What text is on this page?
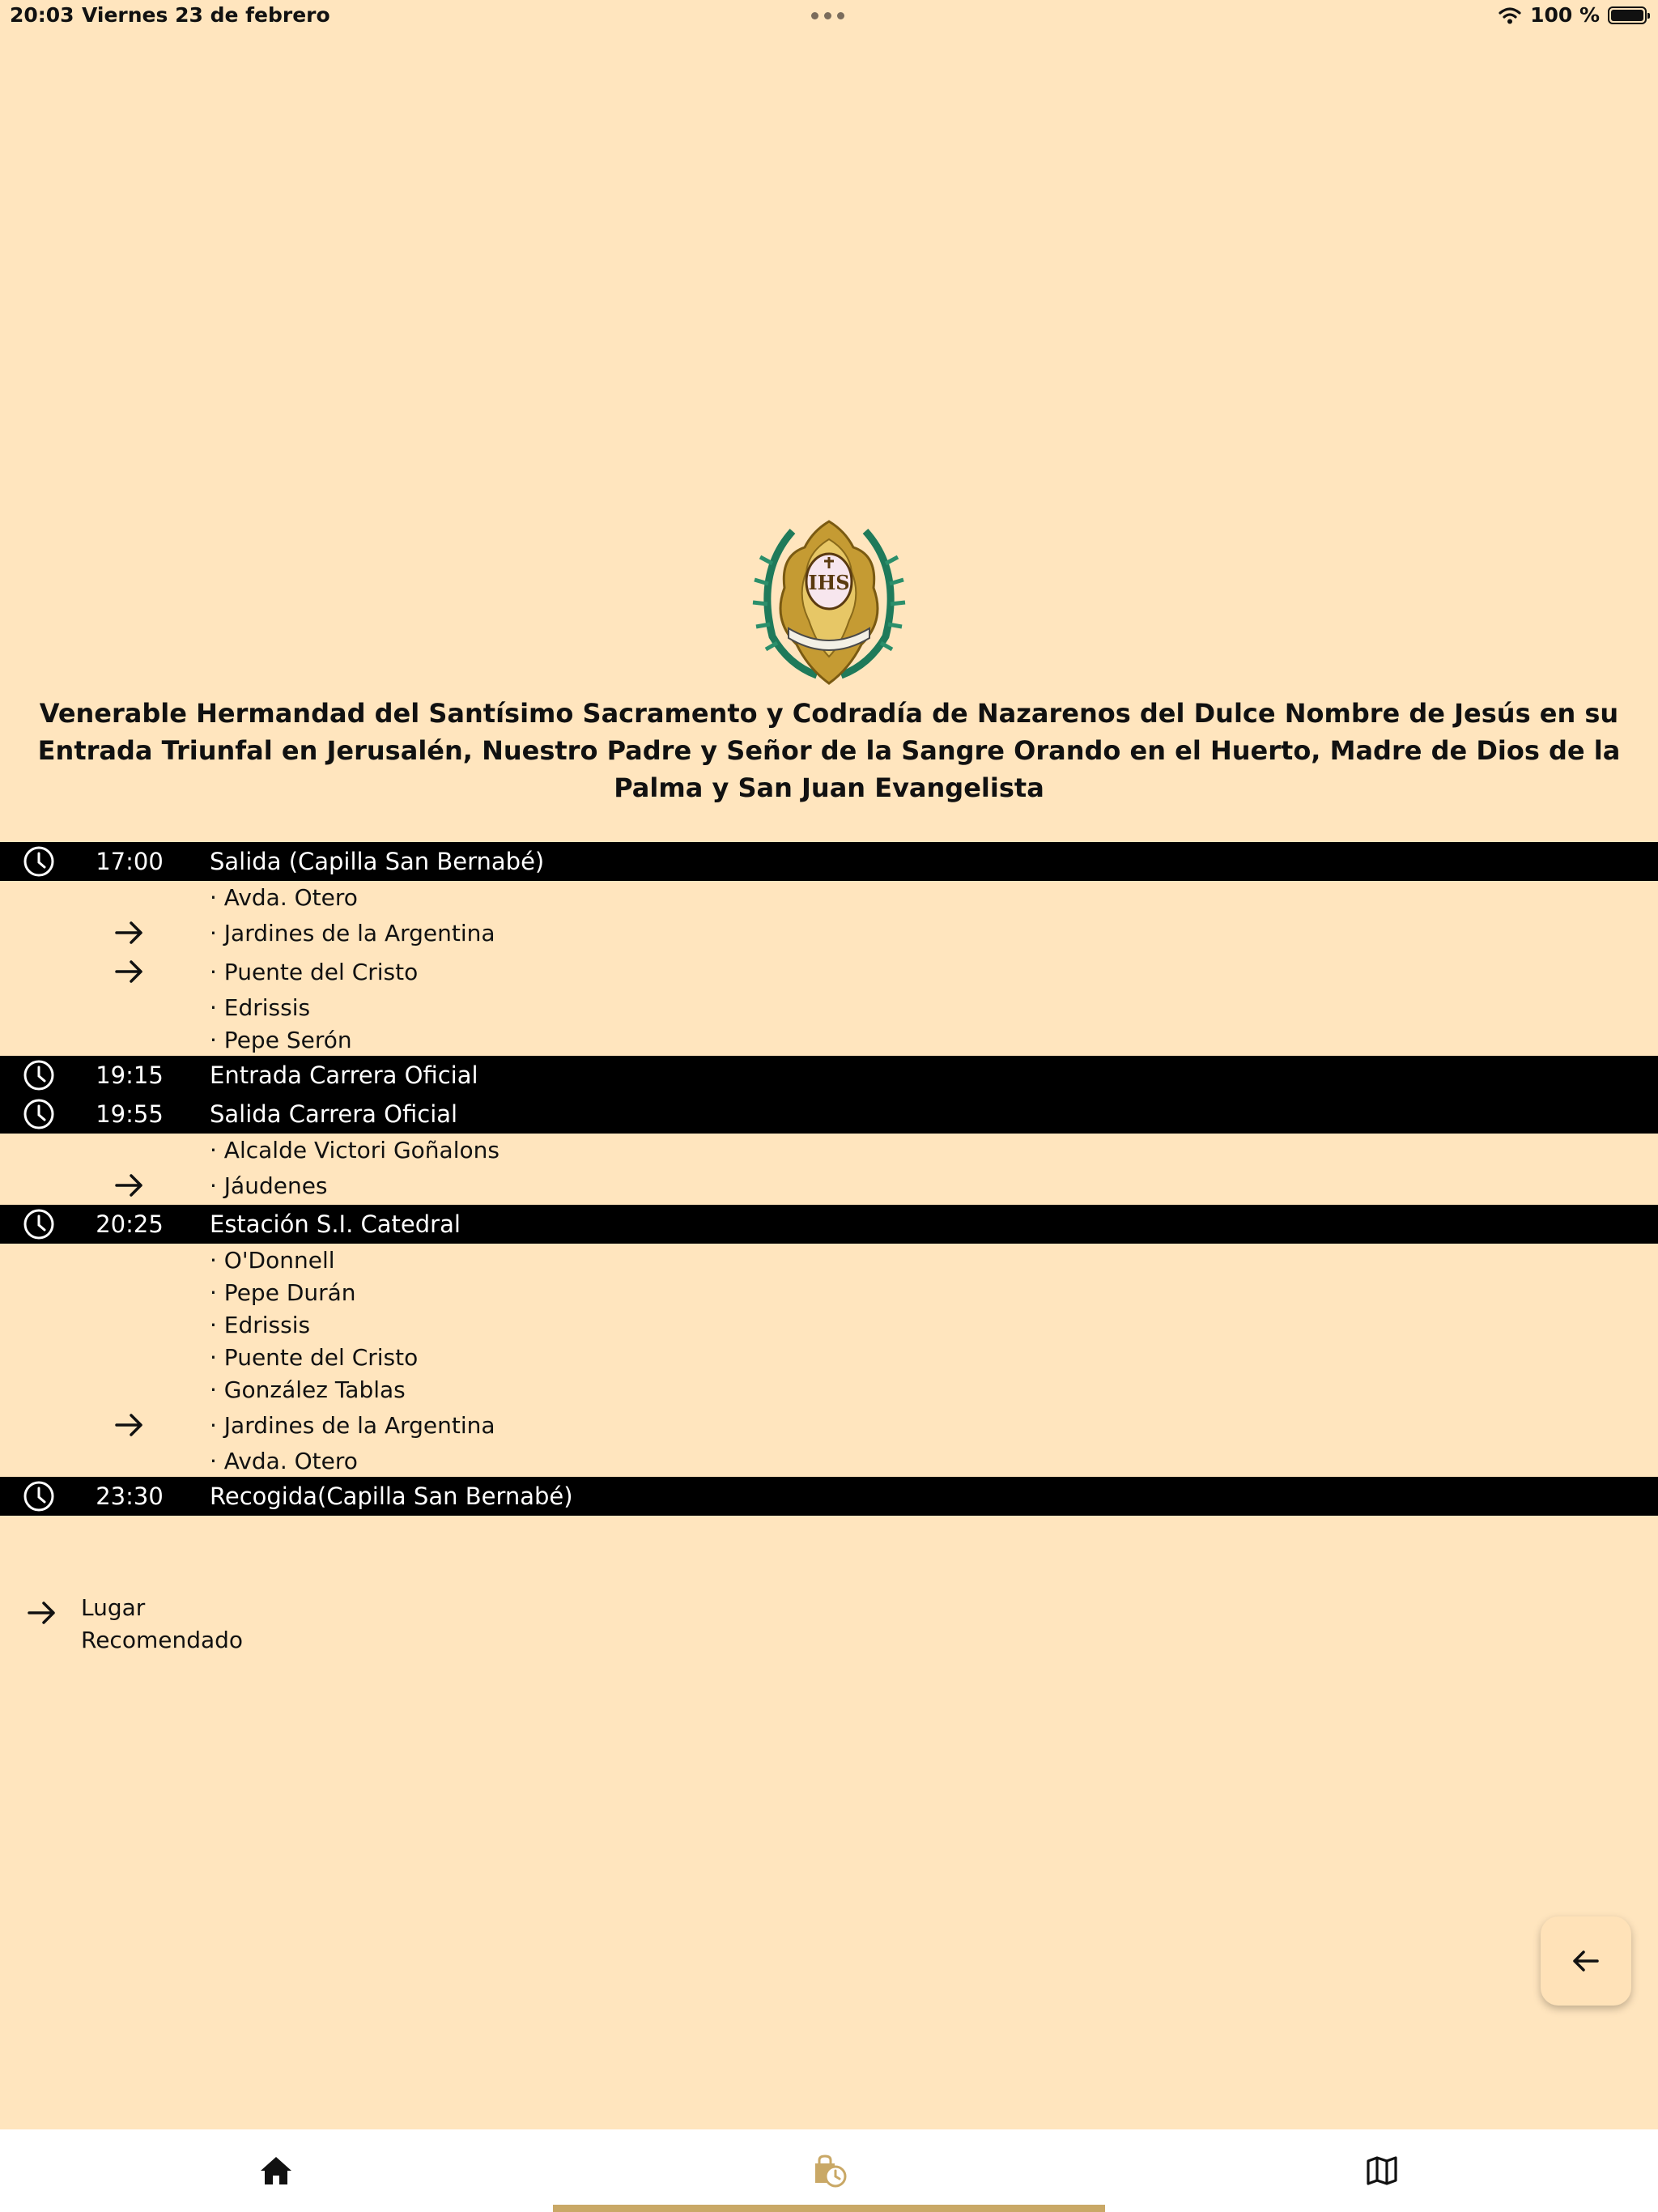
20:03 Viernes 23 de febrero	100 %
IHS
Venerable Hermandad del Santísimo Sacramento y Codradía de Nazarenos del Dulce Nombre de Jesús en su Entrada Triunfal en Jerusalén, Nuestro Padre y Señor de la Sangre Orando en el Huerto, Madre de Dios de la Palma y San Juan Evangelista
17:00	Salida (Capilla San Bernabé)
· Avda. Otero
· Jardines de la Argentina
· Puente del Cristo
· Edrissis
· Pepe Serón
19:15	Entrada Carrera Oficial
19:55	Salida Carrera Oficial
· Alcalde Victori Goñalons
· Jáudenes
20:25	Estación S.I. Catedral
· O'Donnell
· Pepe Durán
· Edrissis
· Puente del Cristo
· González Tablas
· Jardines de la Argentina
· Avda. Otero
23:30	Recogida(Capilla San Bernabé)
Lugar
Recomendado
